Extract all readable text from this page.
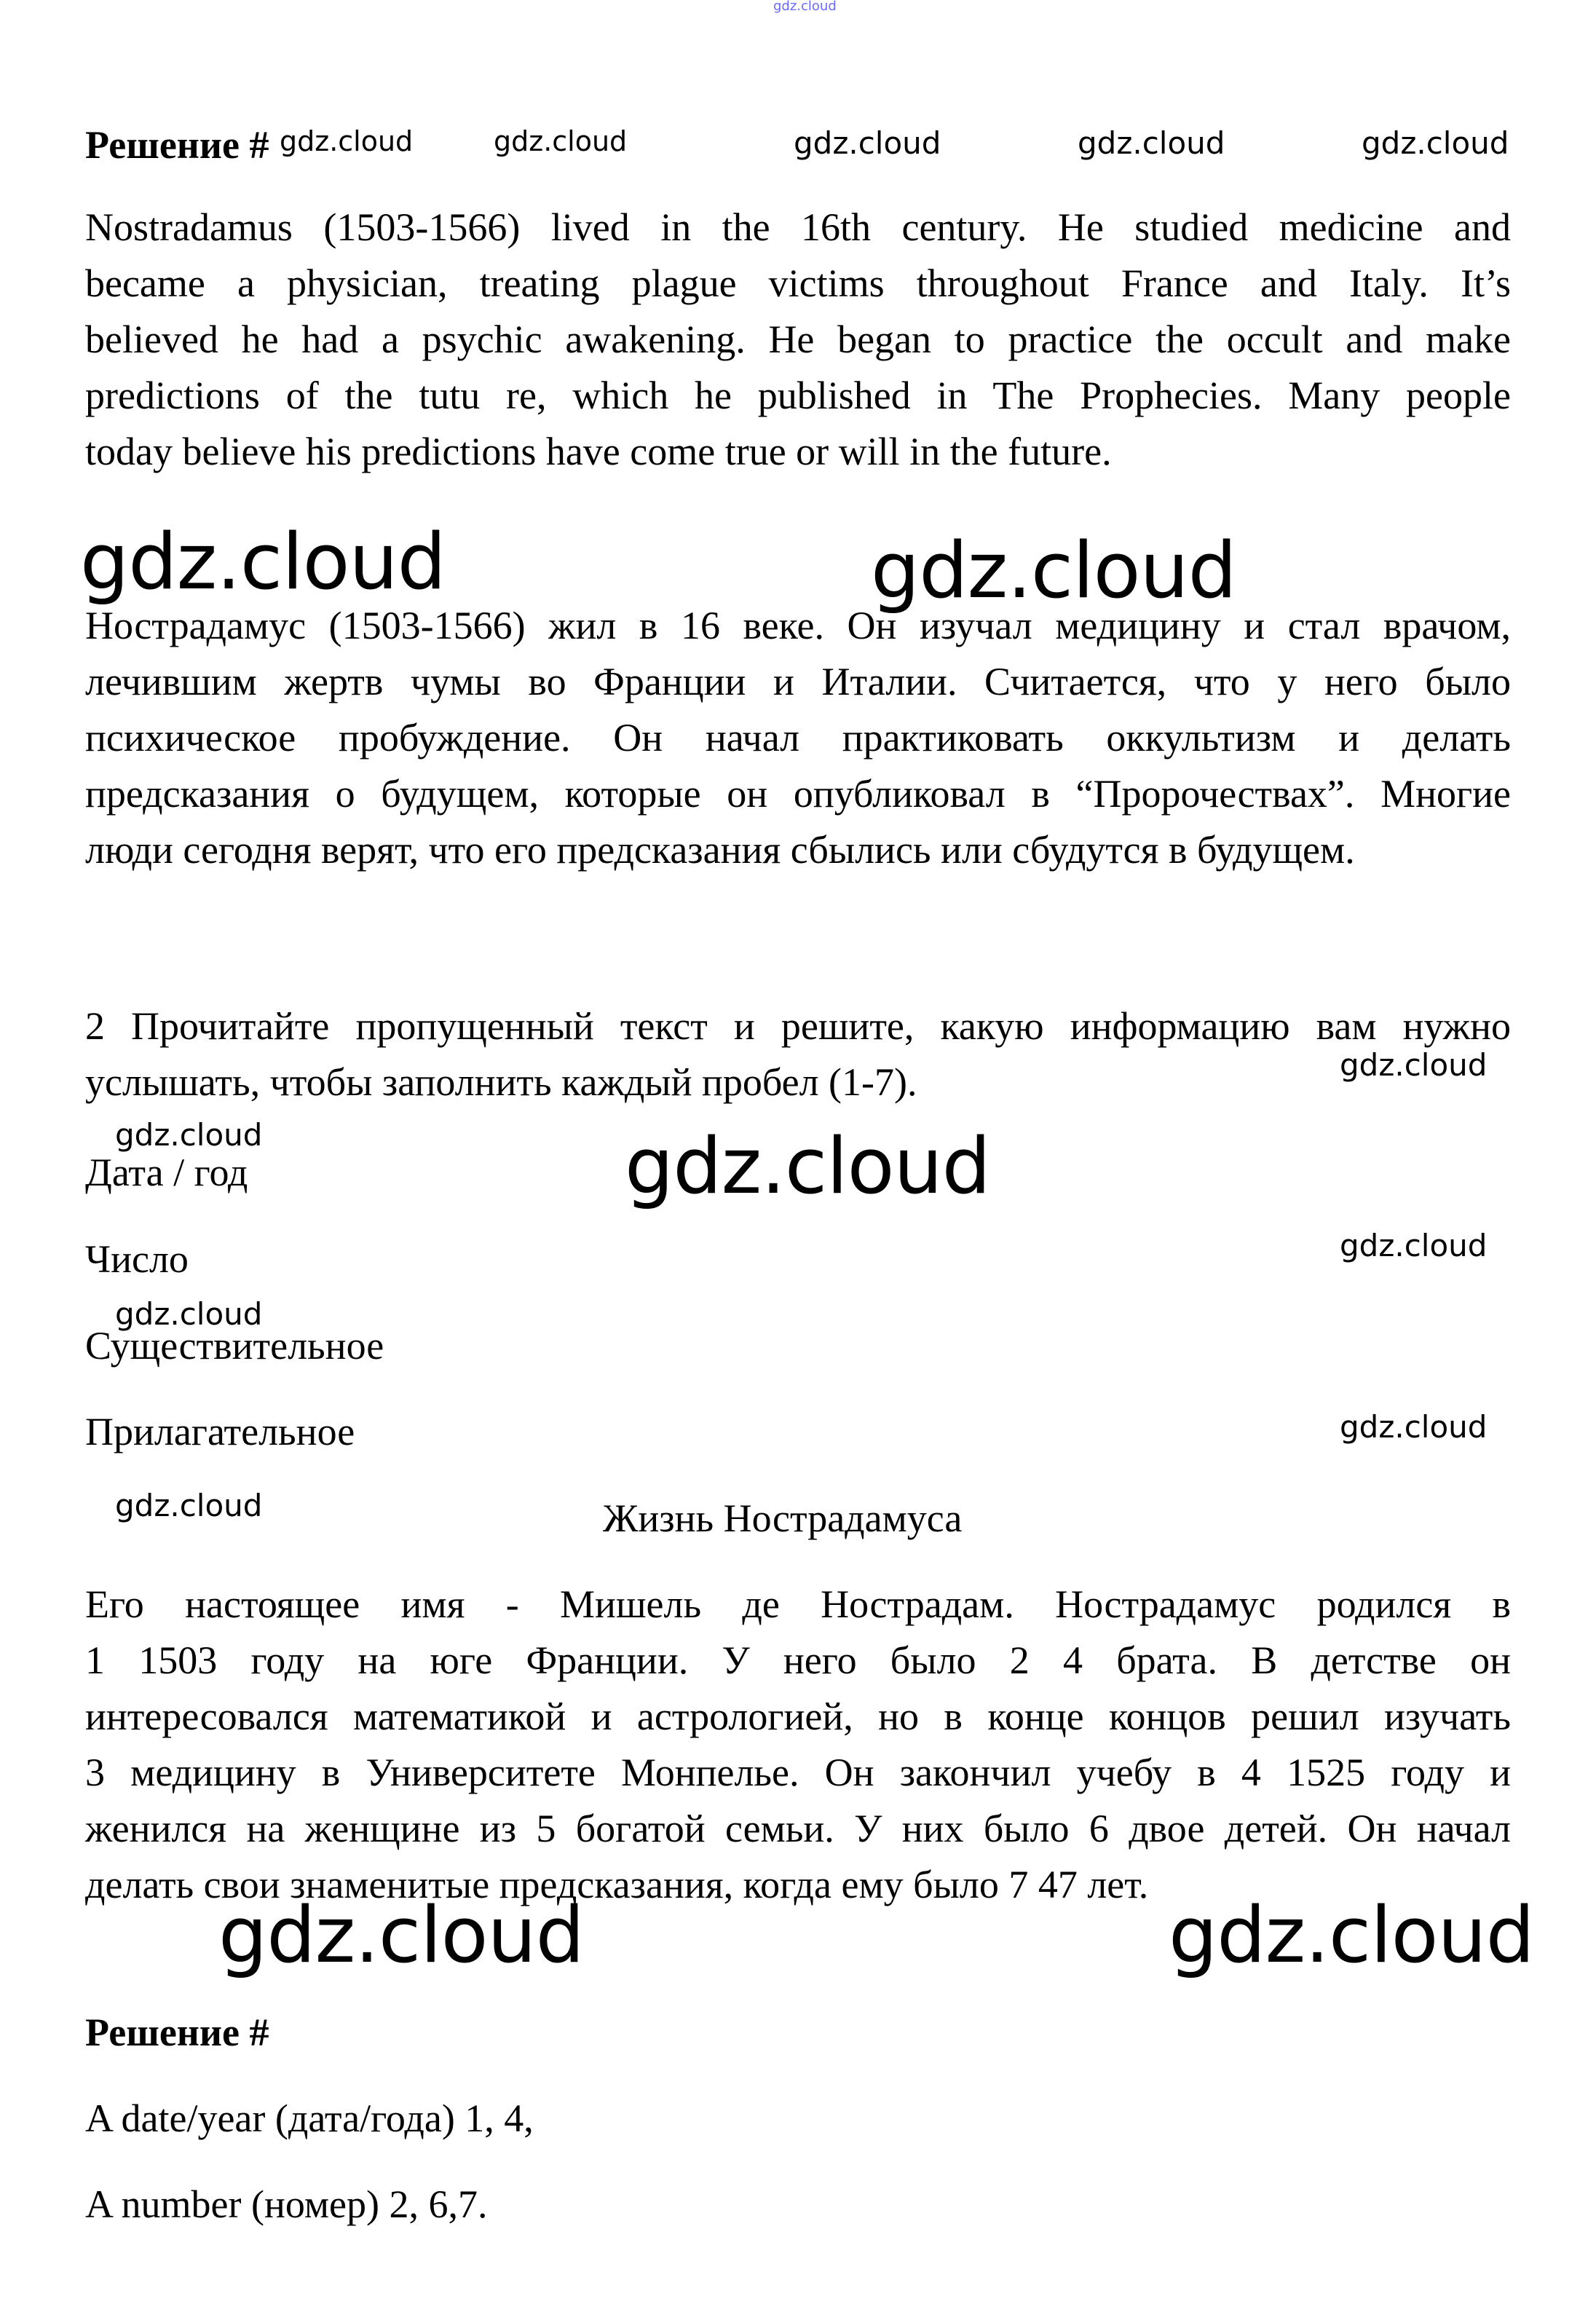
gdz.cloud
Решение # gdz.cloud	gdz.cloud	gdz.cloud	gdz.cloud	gdz.cloud
Nostradamus (1503-1566) lived in the 16th century. He studied medicine and
became a physician, treating plague victims throughout France and Italy. It’s
believed he had a psychic awakening. He began to practice the occult and make
predictions of the tutu re, which he published in The Prophecies. Many people
today believe his predictions have come true or will in the future.
gdz.cloud	gdz.cloud
Нострадамус (1503-1566) жил в 16 веке. Он изучал медицину и стал врачом,
лечившим жертв чумы во Франции и Италии. Считается, что у него было
психическое пробуждение. Он начал практиковать оккультизм и делать
предсказания о будущем, которые он опубликовал в “Пророчествах”. Многие
люди сегодня верят, что его предсказания сбылись или сбудутся в будущем.
2 Прочитайте пропущенный текст и решите, какую информацию вам нужно
gdz.cloud
услышать, чтобы заполнить каждый пробел (1-7).
gdz.cloud
Дата / год	gdz.cloud
Число	gdz.cloud
gdz.cloud
Существительное
Прилагательное	gdz.cloud
gdz.cloud	Жизнь Нострадамуса
Его настоящее имя - Мишель де Нострадам. Нострадамус родился в
1 1503 году на юге Франции. У него было 2 4 брата. В детстве он
интересовался математикой и астрологией, но в конце концов решил изучать
3 медицину в Университете Монпелье. Он закончил учебу в 4 1525 году и
женился на женщине из 5 богатой семьи. У них было 6 двое детей. Он начал
делать свои знаменитые предсказания, когда ему было 7 47 лет.
gdz.cloud	gdz.cloud
Решение #
A date/year (дата/года) 1, 4,
A number (номер) 2, 6,7.
